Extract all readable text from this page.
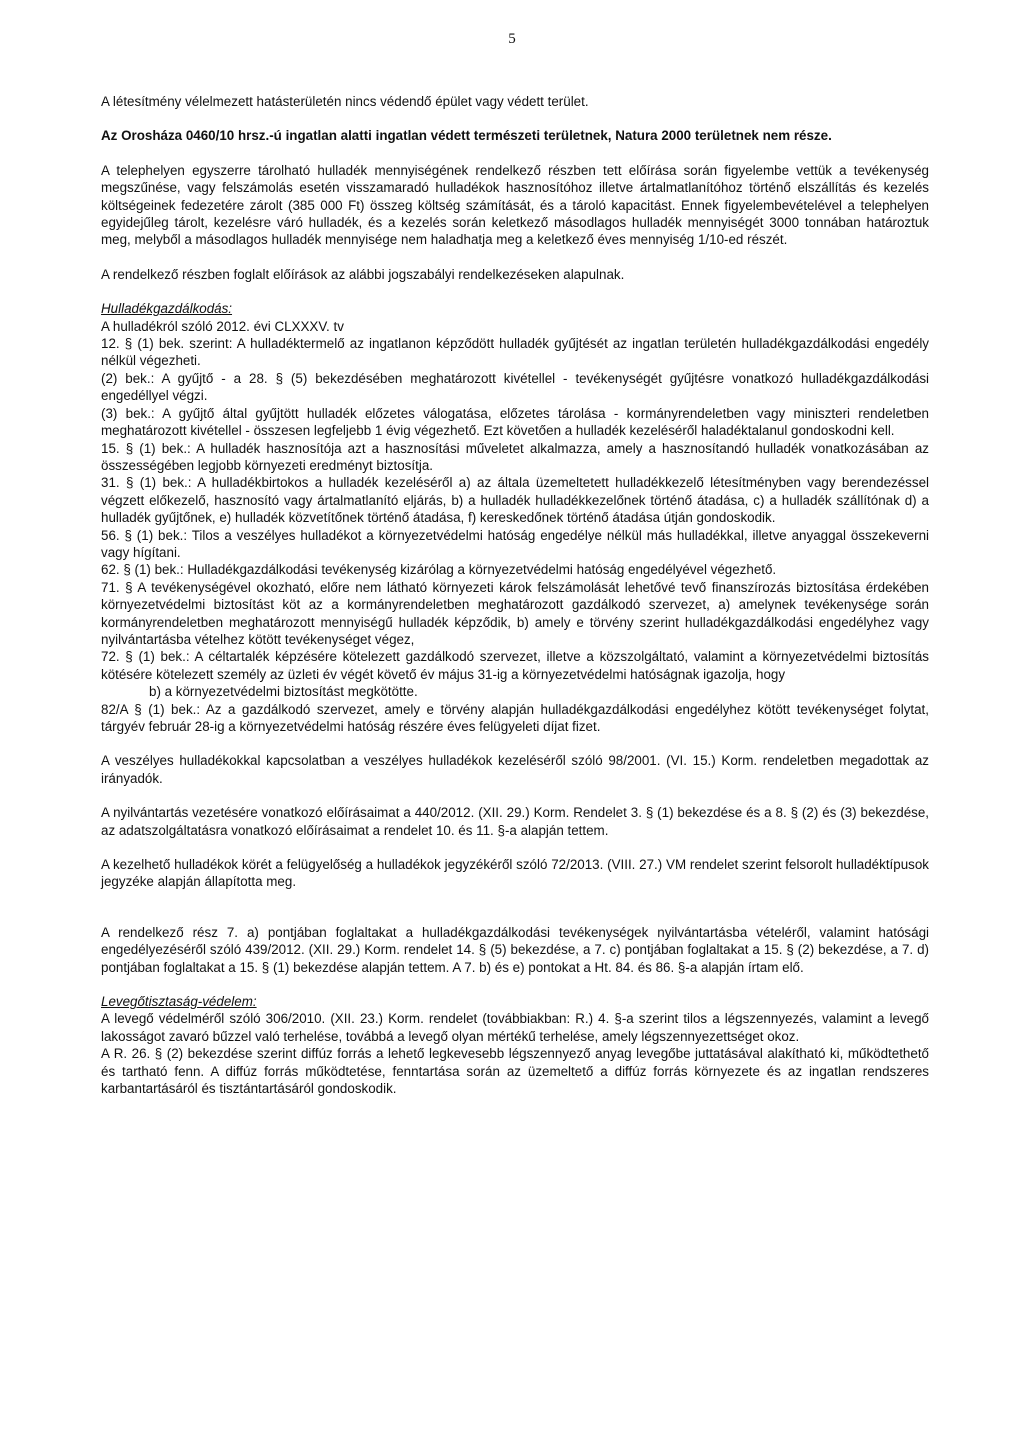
5

A létesítmény vélelmezett hatásterületén nincs védendő épület vagy védett terület.

Az Orosháza 0460/10 hrsz.-ú ingatlan alatti ingatlan védett természeti területnek, Natura 2000 területnek nem része.

A telephelyen egyszerre tárolható hulladék mennyiségének rendelkező részben tett előírása során figyelembe vettük a tevékenység megszűnése, vagy felszámolás esetén visszamaradó hulladékok hasznosítóhoz illetve ártalmatlanítóhoz történő elszállítás és kezelés költségeinek fedezetére zárolt (385 000 Ft) összeg költség számítását, és a tároló kapacitást. Ennek figyelembevételével a telephelyen egyidejűleg tárolt, kezelésre váró hulladék, és a kezelés során keletkező másodlagos hulladék mennyiségét 3000 tonnában határoztuk meg, melyből a másodlagos hulladék mennyisége nem haladhatja meg a keletkező éves mennyiség 1/10-ed részét.

A rendelkező részben foglalt előírások az alábbi jogszabályi rendelkezéseken alapulnak.

Hulladékgazdálkodás:

A hulladékról szóló 2012. évi CLXXXV. tv

12. § (1) bek. szerint: A hulladéktermelő az ingatlanon képződött hulladék gyűjtését az ingatlan területén hulladékgazdálkodási engedély nélkül végezheti.

(2) bek.: A gyűjtő - a 28. § (5) bekezdésében meghatározott kivétellel - tevékenységét gyűjtésre vonatkozó hulladékgazdálkodási engedéllyel végzi.

(3) bek.: A gyűjtő által gyűjtött hulladék előzetes válogatása, előzetes tárolása - kormányrendeletben vagy miniszteri rendeletben meghatározott kivétellel - összesen legfeljebb 1 évig végezhető. Ezt követően a hulladék kezeléséről haladéktalanul gondoskodni kell.

15. § (1) bek.: A hulladék hasznosítója azt a hasznosítási műveletet alkalmazza, amely a hasznosítandó hulladék vonatkozásában az összességében legjobb környezeti eredményt biztosítja.

31. § (1) bek.: A hulladékbirtokos a hulladék kezeléséről a) az általa üzemeltetett hulladékkezelő létesítményben vagy berendezéssel végzett előkezelő, hasznosító vagy ártalmatlanító eljárás, b) a hulladék hulladékkezelőnek történő átadása, c) a hulladék szállítónak d) a hulladék gyűjtőnek, e) hulladék közvetítőnek történő átadása, f) kereskedőnek történő átadása útján gondoskodik.

56. § (1) bek.: Tilos a veszélyes hulladékot a környezetvédelmi hatóság engedélye nélkül más hulladékkal, illetve anyaggal összekeverni vagy hígítani.

62. § (1) bek.: Hulladékgazdálkodási tevékenység kizárólag a környezetvédelmi hatóság engedélyével végezhető.

71. § A tevékenységével okozható, előre nem látható környezeti károk felszámolását lehetővé tevő finanszírozás biztosítása érdekében környezetvédelmi biztosítást köt az a kormányrendeletben meghatározott gazdálkodó szervezet, a) amelynek tevékenysége során kormányrendeletben meghatározott mennyiségű hulladék képződik, b) amely e törvény szerint hulladékgazdálkodási engedélyhez vagy nyilvántartásba vételhez kötött tevékenységet végez,

72. § (1) bek.: A céltartalék képzésére kötelezett gazdálkodó szervezet, illetve a közszolgáltató, valamint a környezetvédelmi biztosítás kötésére kötelezett személy az üzleti év végét követő év május 31-ig a környezetvédelmi hatóságnak igazolja, hogy

b) a környezetvédelmi biztosítást megkötötte.

82/A § (1) bek.: Az a gazdálkodó szervezet, amely e törvény alapján hulladékgazdálkodási engedélyhez kötött tevékenységet folytat, tárgyév február 28-ig a környezetvédelmi hatóság részére éves felügyeleti díjat fizet.

A veszélyes hulladékokkal kapcsolatban a veszélyes hulladékok kezeléséről szóló 98/2001. (VI. 15.) Korm. rendeletben megadottak az irányadók.

A nyilvántartás vezetésére vonatkozó előírásaimat a 440/2012. (XII. 29.) Korm. Rendelet 3. § (1) bekezdése és a 8. § (2) és (3) bekezdése, az adatszolgáltatásra vonatkozó előírásaimat a rendelet 10. és 11. §-a alapján tettem.

A kezelhető hulladékok körét a felügyelőség a hulladékok jegyzékéről szóló 72/2013. (VIII. 27.) VM rendelet szerint felsorolt hulladéktípusok jegyzéke alapján állapította meg.

A rendelkező rész 7. a) pontjában foglaltakat a hulladékgazdálkodási tevékenységek nyilvántartásba vételéről, valamint hatósági engedélyezéséről szóló 439/2012. (XII. 29.) Korm. rendelet 14. § (5) bekezdése, a 7. c) pontjában foglaltakat a 15. § (2) bekezdése, a 7. d) pontjában foglaltakat a 15. § (1) bekezdése alapján tettem. A 7. b) és e) pontokat a Ht. 84. és 86. §-a alapján írtam elő.

Levegőtisztaság-védelem:

A levegő védelméről szóló 306/2010. (XII. 23.) Korm. rendelet (továbbiakban: R.) 4. §-a szerint tilos a légszennyezés, valamint a levegő lakosságot zavaró bűzzel való terhelése, továbbá a levegő olyan mértékű terhelése, amely légszennyezettséget okoz.

A R. 26. § (2) bekezdése szerint diffúz forrás a lehető legkevesebb légszennyező anyag levegőbe juttatásával alakítható ki, működtethető és tartható fenn. A diffúz forrás működtetése, fenntartása során az üzemeltető a diffúz forrás környezete és az ingatlan rendszeres karbantartásáról és tisztántartásáról gondoskodik.
